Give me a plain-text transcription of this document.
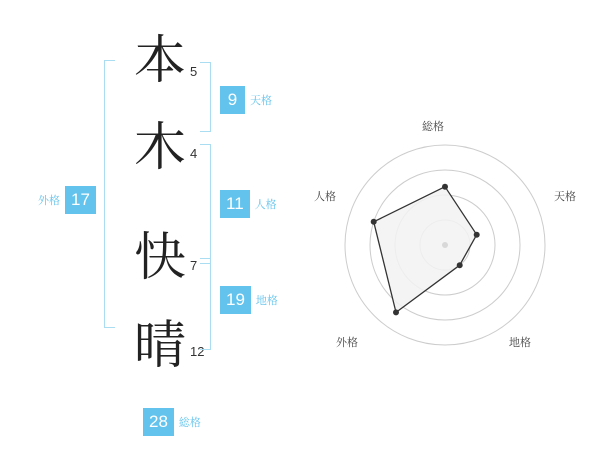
外格 17
本 5
木 4
快 7
晴 12
9	天格
11	人格
19	地格
28	総格
総格
天格
地格
外格
人格
